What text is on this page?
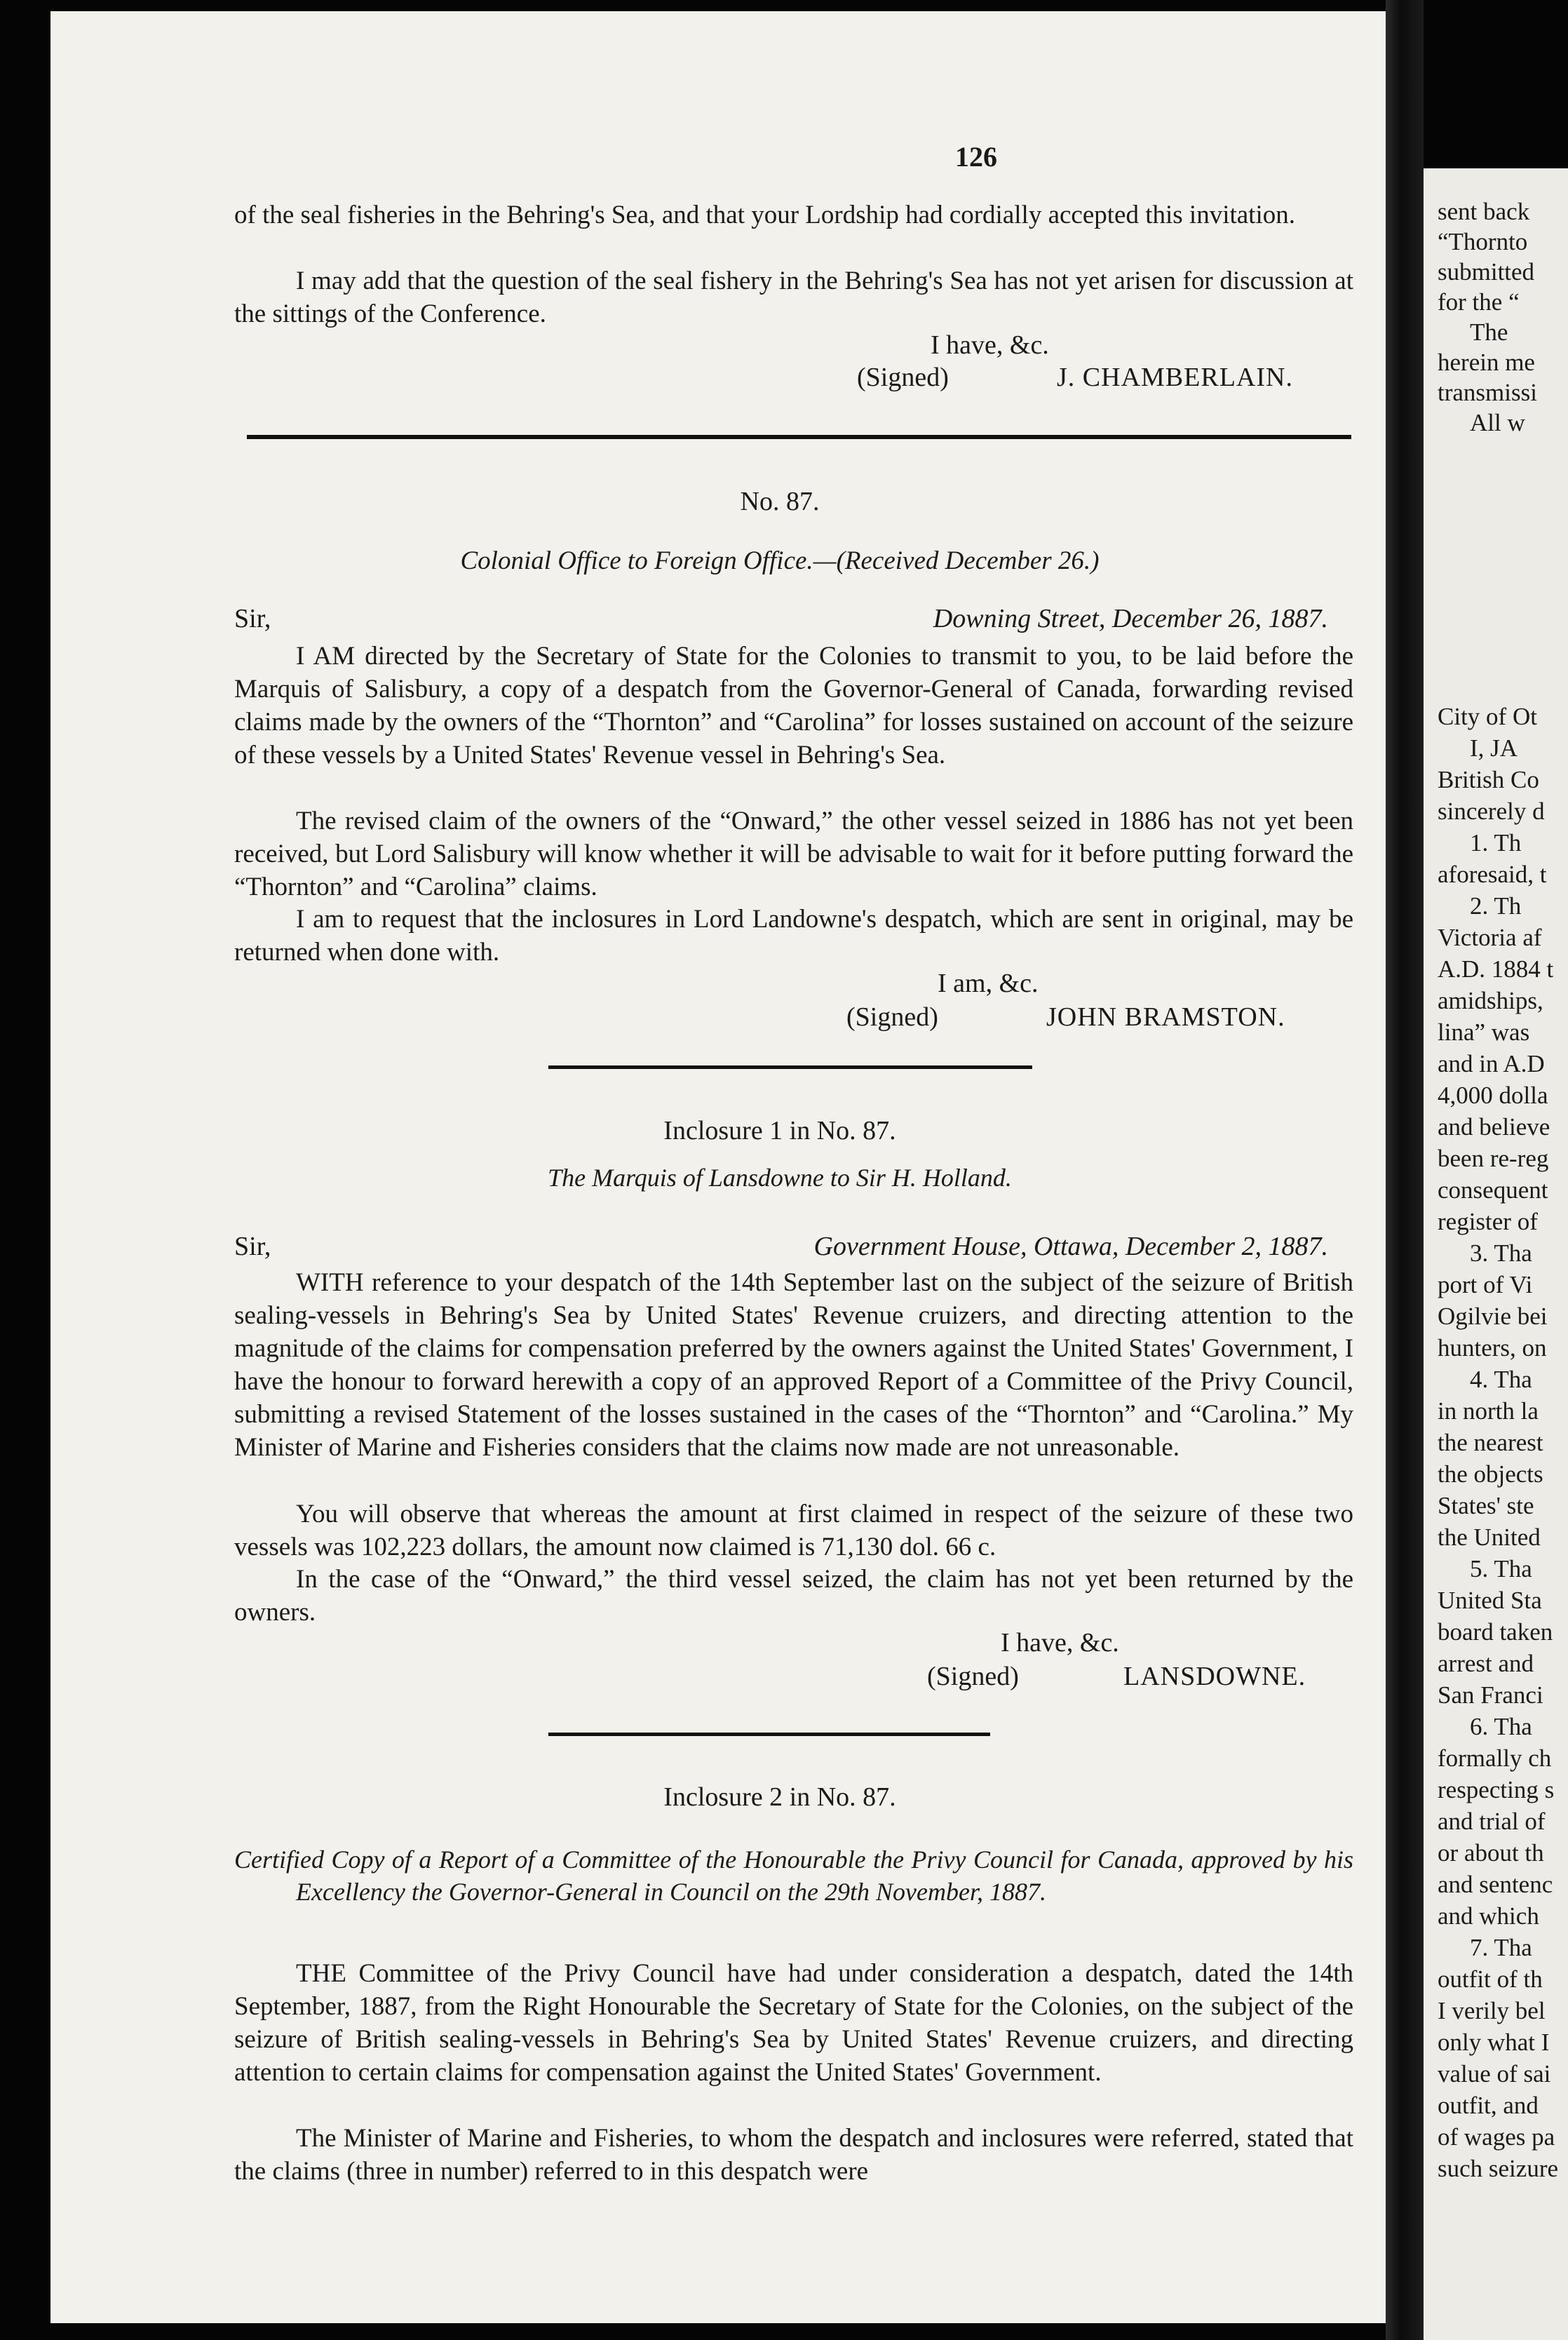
sent back
“Thornto
submitted
for the “
The
herein me
transmissi
All w
City of Ot
I, JA
British Co
sincerely d
1. Th
aforesaid, t
2. Th
Victoria af
A.D. 1884 t
amidships,
lina” was
and in A.D
4,000 dolla
and believe
been re-reg
consequent
register of
3. Tha
port of Vi
Ogilvie bei
hunters, on
4. Tha
in north la
the nearest
the objects
States' ste
the United
5. Tha
United Sta
board taken
arrest and
San Franci
6. Tha
formally ch
respecting s
and trial of
or about th
and sentenc
and which
7. Tha
outfit of th
I verily bel
only what I
value of sai
outfit, and
of wages pa
such seizure
126

of the seal fisheries in the Behring's Sea, and that your Lordship had cordially accepted this invitation.

I may add that the question of the seal fishery in the Behring's Sea has not yet arisen for discussion at the sittings of the Conference.

I have, &c.
(Signed)	J. CHAMBERLAIN.
No. 87.
Colonial Office to Foreign Office.—(Received December 26.)
Sir,	Downing Street, December 26, 1887.

I AM directed by the Secretary of State for the Colonies to transmit to you, to be laid before the Marquis of Salisbury, a copy of a despatch from the Governor-General of Canada, forwarding revised claims made by the owners of the “Thornton” and “Carolina” for losses sustained on account of the seizure of these vessels by a United States' Revenue vessel in Behring's Sea.

The revised claim of the owners of the “Onward,” the other vessel seized in 1886 has not yet been received, but Lord Salisbury will know whether it will be advisable to wait for it before putting forward the “Thornton” and “Carolina” claims.

I am to request that the inclosures in Lord Landowne's despatch, which are sent in original, may be returned when done with.

I am, &c.
(Signed)	JOHN BRAMSTON.
Inclosure 1 in No. 87.
The Marquis of Lansdowne to Sir H. Holland.
Sir,	Government House, Ottawa, December 2, 1887.

WITH reference to your despatch of the 14th September last on the subject of the seizure of British sealing-vessels in Behring's Sea by United States' Revenue cruizers, and directing attention to the magnitude of the claims for compensation preferred by the owners against the United States' Government, I have the honour to forward herewith a copy of an approved Report of a Committee of the Privy Council, submitting a revised Statement of the losses sustained in the cases of the “Thornton” and “Carolina.” My Minister of Marine and Fisheries considers that the claims now made are not unreasonable.

You will observe that whereas the amount at first claimed in respect of the seizure of these two vessels was 102,223 dollars, the amount now claimed is 71,130 dol. 66 c.

In the case of the “Onward,” the third vessel seized, the claim has not yet been returned by the owners.

I have, &c.
(Signed)	LANSDOWNE.
Inclosure 2 in No. 87.

Certified Copy of a Report of a Committee of the Honourable the Privy Council for Canada, approved by his Excellency the Governor-General in Council on the 29th November, 1887.

THE Committee of the Privy Council have had under consideration a despatch, dated the 14th September, 1887, from the Right Honourable the Secretary of State for the Colonies, on the subject of the seizure of British sealing-vessels in Behring's Sea by United States' Revenue cruizers, and directing attention to certain claims for compensation against the United States' Government.

The Minister of Marine and Fisheries, to whom the despatch and inclosures were referred, stated that the claims (three in number) referred to in this despatch were
